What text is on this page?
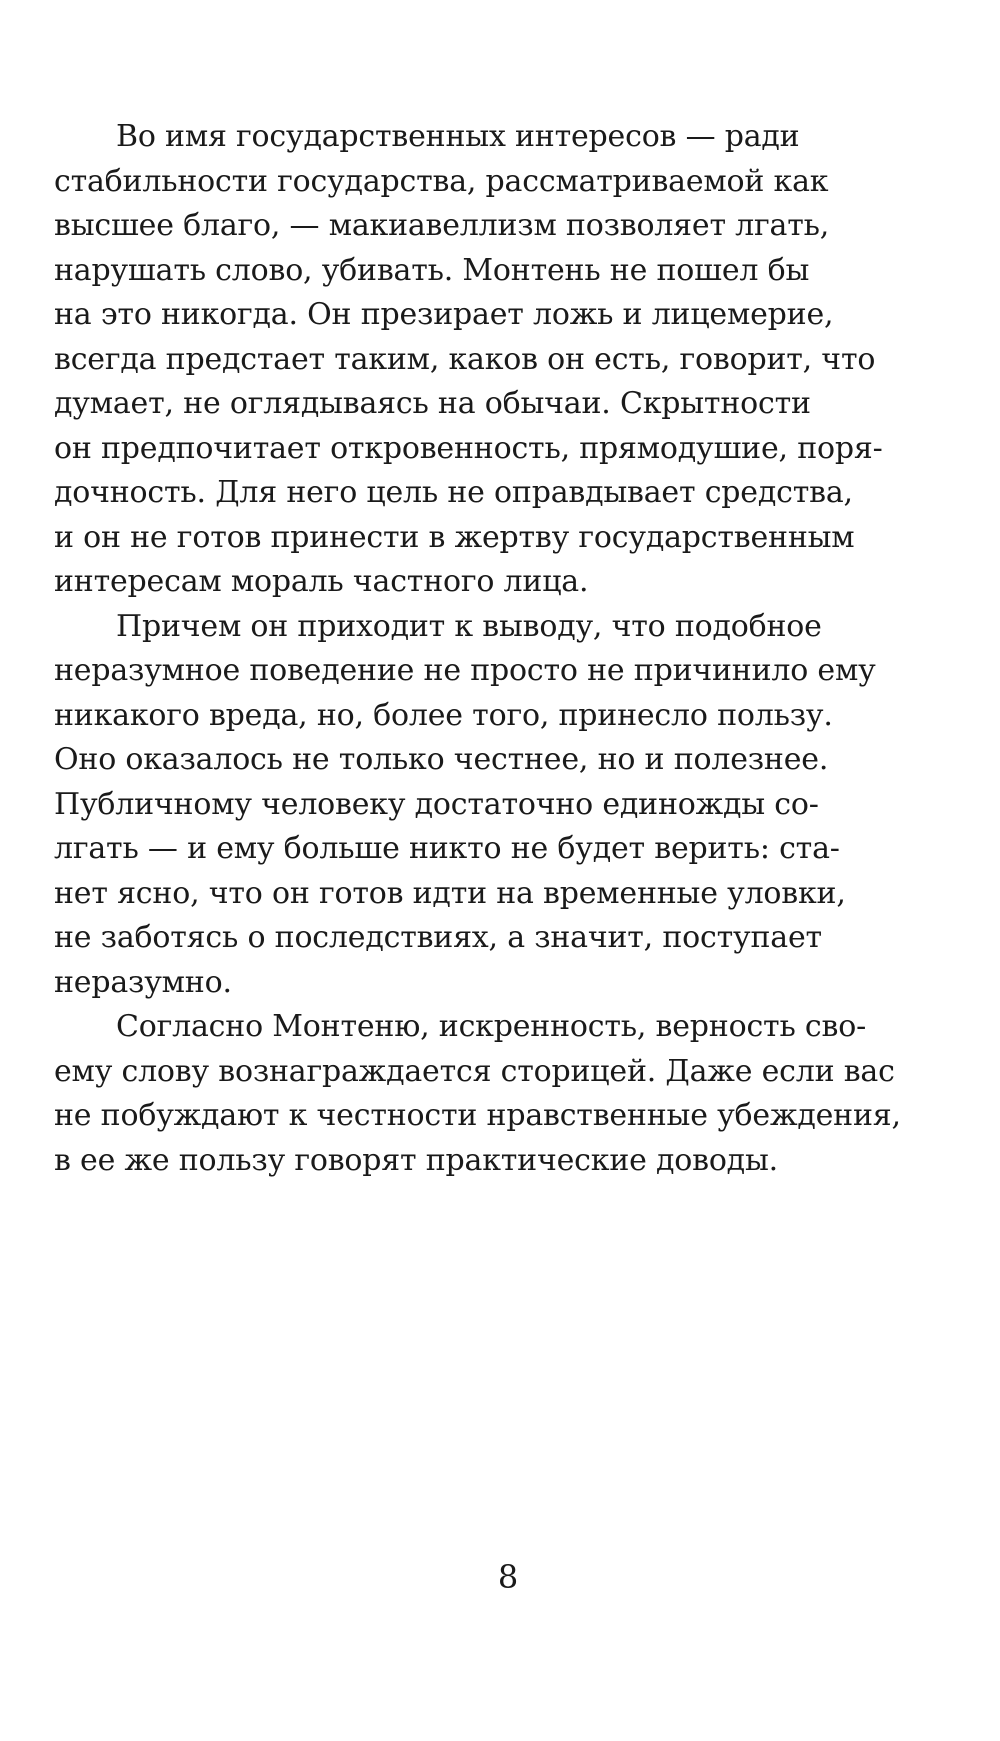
Во имя государственных интересов — ради
стабильности государства, рассматриваемой как
высшее благо, — макиавеллизм позволяет лгать,
нарушать слово, убивать. Монтень не пошел бы
на это никогда. Он презирает ложь и лицемерие,
всегда предстает таким, каков он есть, говорит, что
думает, не оглядываясь на обычаи. Скрытности
он предпочитает откровенность, прямодушие, поря-
дочность. Для него цель не оправдывает средства,
и он не готов принести в жертву государственным
интересам мораль частного лица.
Причем он приходит к выводу, что подобное
неразумное поведение не просто не причинило ему
никакого вреда, но, более того, принесло пользу.
Оно оказалось не только честнее, но и полезнее.
Публичному человеку достаточно единожды со-
лгать — и ему больше никто не будет верить: ста-
нет ясно, что он готов идти на временные уловки,
не заботясь о последствиях, а значит, поступает
неразумно.
Согласно Монтеню, искренность, верность сво-
ему слову вознаграждается сторицей. Даже если вас
не побуждают к честности нравственные убеждения,
в ее же пользу говорят практические доводы.
8
